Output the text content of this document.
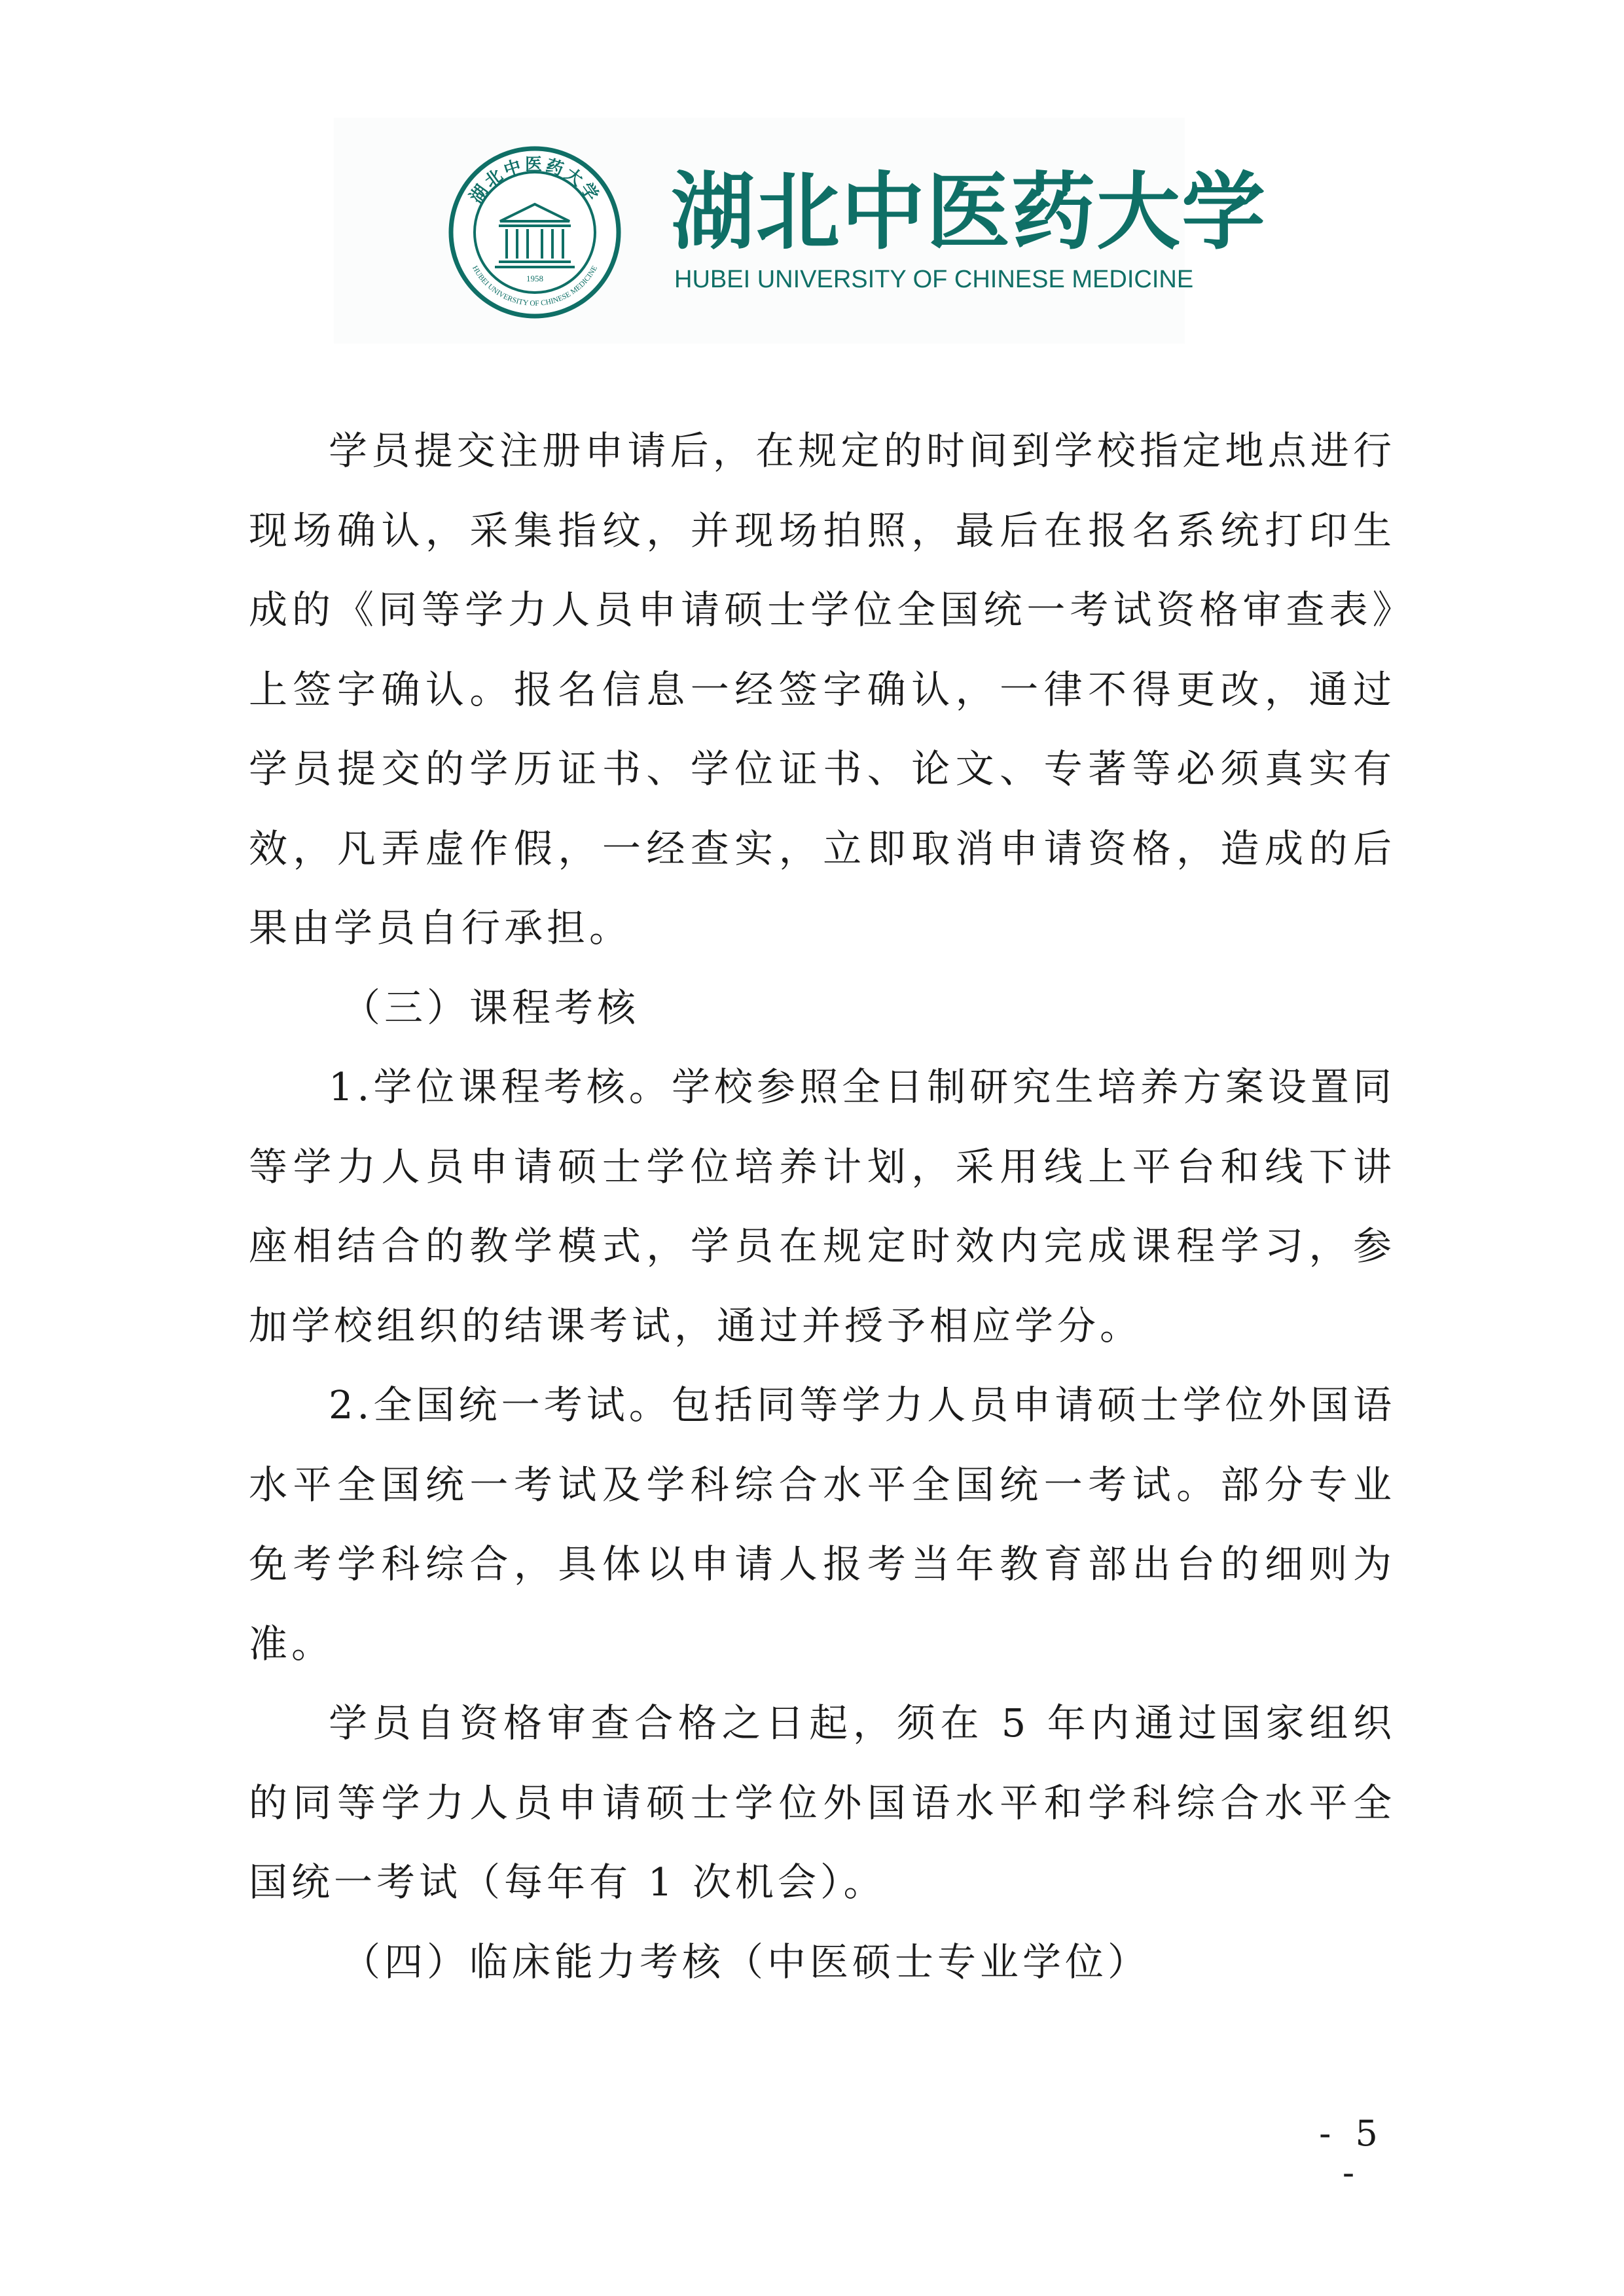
湖北中医药大学
HUBEI UNIVERSITY OF CHINESE MEDICINE
1958
湖北中医药大学
HUBEI UNIVERSITY OF CHINESE MEDICINE

学员提交注册申请后，在规定的时间到学校指定地点进行现场确认，采集指纹，并现场拍照，最后在报名系统打印生成的《同等学力人员申请硕士学位全国统一考试资格审查表》上签字确认。报名信息一经签字确认，一律不得更改，通过学员提交的学历证书、学位证书、论文、专著等必须真实有效，凡弄虚作假，一经查实，立即取消申请资格，造成的后果由学员自行承担。

（三）课程考核

1.学位课程考核。学校参照全日制研究生培养方案设置同等学力人员申请硕士学位培养计划，采用线上平台和线下讲座相结合的教学模式，学员在规定时效内完成课程学习，参加学校组织的结课考试，通过并授予相应学分。

2.全国统一考试。包括同等学力人员申请硕士学位外国语水平全国统一考试及学科综合水平全国统一考试。部分专业免考学科综合，具体以申请人报考当年教育部出台的细则为准。

学员自资格审查合格之日起，须在 5 年内通过国家组织的同等学力人员申请硕士学位外国语水平和学科综合水平全国统一考试（每年有 1 次机会）。

（四）临床能力考核（中医硕士专业学位）

- 5 -
